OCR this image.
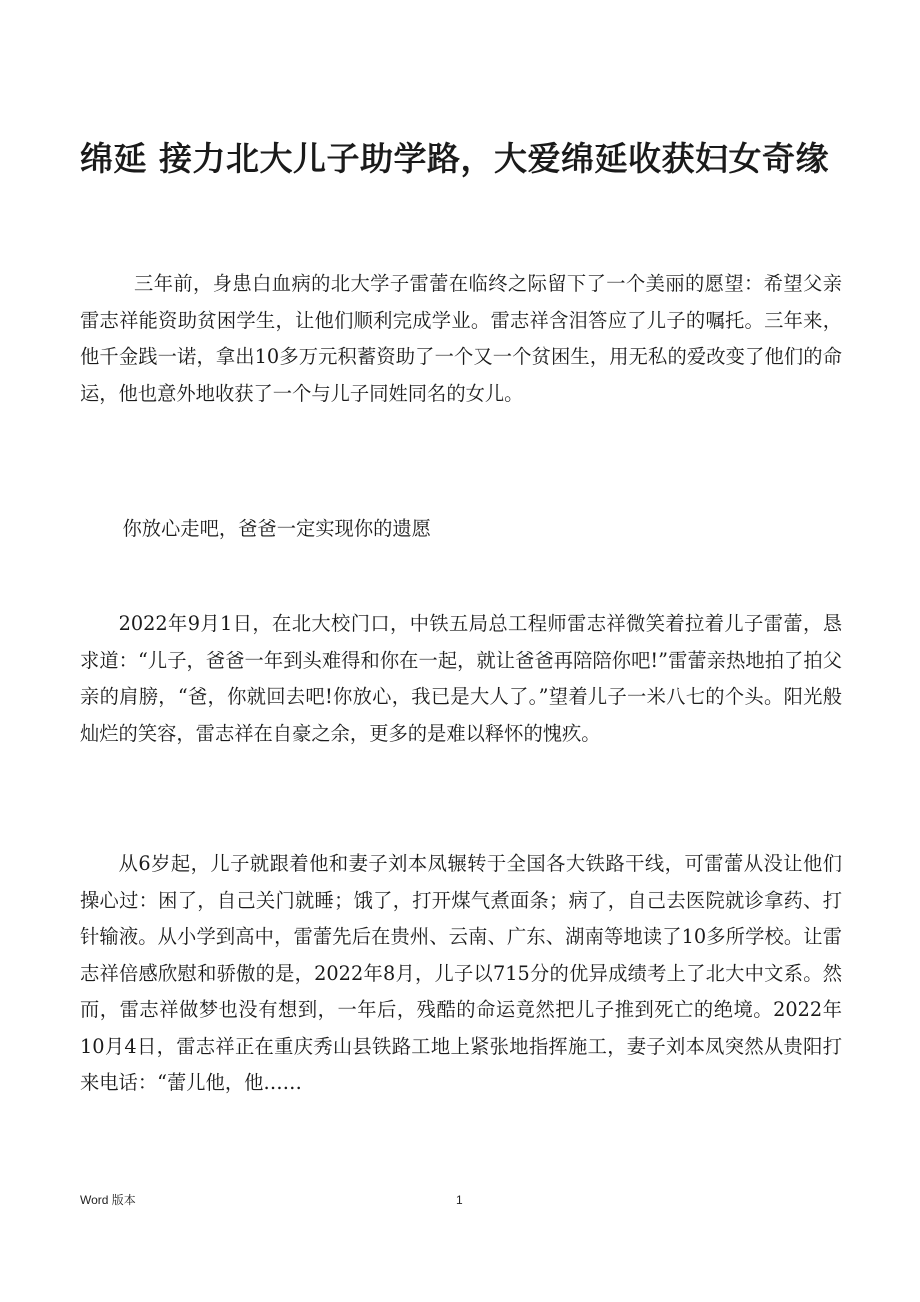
绵延 接力北大儿子助学路，大爱绵延收获妇女奇缘

三年前，身患白血病的北大学子雷蕾在临终之际留下了一个美丽的愿望：希望父亲雷志祥能资助贫困学生，让他们顺利完成学业。雷志祥含泪答应了儿子的嘱托。三年来，他千金践一诺，拿出10多万元积蓄资助了一个又一个贫困生，用无私的爱改变了他们的命运，他也意外地收获了一个与儿子同姓同名的女儿。

你放心走吧，爸爸一定实现你的遗愿

2022年9月1日，在北大校门口，中铁五局总工程师雷志祥微笑着拉着儿子雷蕾，恳求道：“儿子，爸爸一年到头难得和你在一起，就让爸爸再陪陪你吧!”雷蕾亲热地拍了拍父亲的肩膀，“爸，你就回去吧!你放心，我已是大人了。”望着儿子一米八七的个头。阳光般灿烂的笑容，雷志祥在自豪之余，更多的是难以释怀的愧疚。

从6岁起，儿子就跟着他和妻子刘本凤辗转于全国各大铁路干线，可雷蕾从没让他们操心过：困了，自己关门就睡；饿了，打开煤气煮面条；病了，自己去医院就诊拿药、打针输液。从小学到高中，雷蕾先后在贵州、云南、广东、湖南等地读了10多所学校。让雷志祥倍感欣慰和骄傲的是，2022年8月，儿子以715分的优异成绩考上了北大中文系。然而，雷志祥做梦也没有想到，一年后，残酷的命运竟然把儿子推到死亡的绝境。2022年10月4日，雷志祥正在重庆秀山县铁路工地上紧张地指挥施工，妻子刘本凤突然从贵阳打来电话：“蕾儿他，他……

Word 版本	1
